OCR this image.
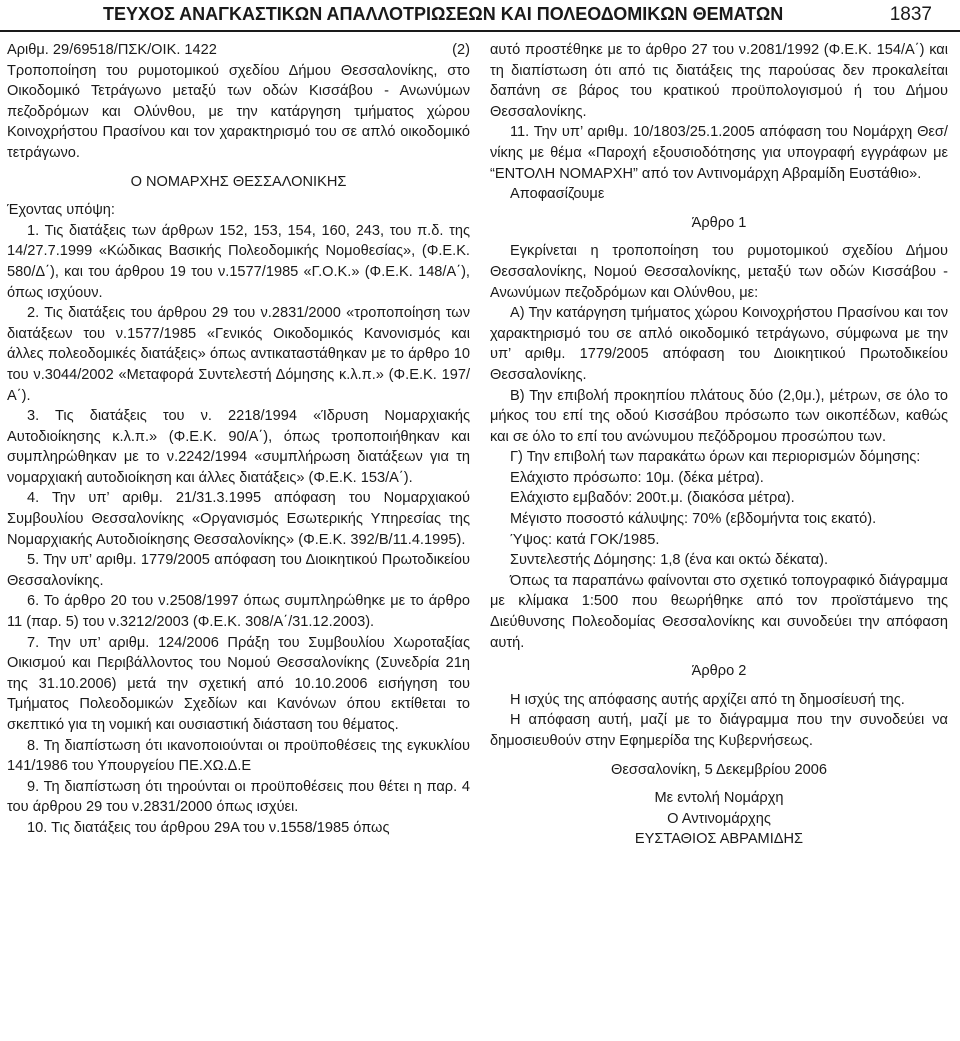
ΤΕΥΧΟΣ ΑΝΑΓΚΑΣΤΙΚΩΝ ΑΠΑΛΛΟΤΡΙΩΣΕΩΝ ΚΑΙ ΠΟΛΕΟΔΟΜΙΚΩΝ ΘΕΜΑΤΩΝ	1837
Αριθμ. 29/69518/ΠΣΚ/ΟΙΚ. 1422	(2)

Τροποποίηση του ρυμοτομικού σχεδίου Δήμου Θεσσαλονίκης, στο Οικοδομικό Τετράγωνο μεταξύ των οδών Κισσάβου - Ανωνύμων πεζοδρόμων και Ολύνθου, με την κατάργηση τμήματος χώρου Κοινοχρήστου Πρασίνου και τον χαρακτηρισμό του σε απλό οικοδομικό τετράγωνο.

Ο ΝΟΜΑΡΧΗΣ ΘΕΣΣΑΛΟΝΙΚΗΣ

Έχοντας υπόψη:

1. Τις διατάξεις των άρθρων 152, 153, 154, 160, 243, του π.δ. της 14/27.7.1999 «Κώδικας Βασικής Πολεοδομικής Νομοθεσίας», (Φ.Ε.Κ. 580/Δ΄), και του άρθρου 19 του ν.1577/1985 «Γ.Ο.Κ.» (Φ.Ε.Κ. 148/Α΄), όπως ισχύουν.

2. Τις διατάξεις του άρθρου 29 του ν.2831/2000 «τροποποίηση των διατάξεων του ν.1577/1985 «Γενικός Οικοδομικός Κανονισμός και άλλες πολεοδομικές διατάξεις» όπως αντικαταστάθηκαν με το άρθρο 10 του ν.3044/2002 «Μεταφορά Συντελεστή Δόμησης κ.λ.π.» (Φ.Ε.Κ. 197/Α΄).

3. Τις διατάξεις του ν. 2218/1994 «Ίδρυση Νομαρχιακής Αυτοδιοίκησης κ.λ.π.» (Φ.Ε.Κ. 90/Α΄), όπως τροποποιήθηκαν και συμπληρώθηκαν με το ν.2242/1994 «συμπλήρωση διατάξεων για τη νομαρχιακή αυτοδιοίκηση και άλλες διατάξεις» (Φ.Ε.Κ. 153/Α΄).

4. Την υπ’ αριθμ. 21/31.3.1995 απόφαση του Νομαρχιακού Συμβουλίου Θεσσαλονίκης «Οργανισμός Εσωτερικής Υπηρεσίας της Νομαρχιακής Αυτοδιοίκησης Θεσσαλονίκης» (Φ.Ε.Κ. 392/Β/11.4.1995).

5. Την υπ’ αριθμ. 1779/2005 απόφαση του Διοικητικού Πρωτοδικείου Θεσσαλονίκης.

6. Το άρθρο 20 του ν.2508/1997 όπως συμπληρώθηκε με το άρθρο 11 (παρ. 5) του ν.3212/2003 (Φ.Ε.Κ. 308/Α΄/31.12.2003).

7. Την υπ’ αριθμ. 124/2006 Πράξη του Συμβουλίου Χωροταξίας Οικισμού και Περιβάλλοντος του Νομού Θεσσαλονίκης (Συνεδρία 21η της 31.10.2006) μετά την σχετική από 10.10.2006 εισήγηση του Τμήματος Πολεοδομικών Σχεδίων και Κανόνων όπου εκτίθεται το σκεπτικό για τη νομική και ουσιαστική διάσταση του θέματος.

8. Τη διαπίστωση ότι ικανοποιούνται οι προϋποθέσεις της εγκυκλίου 141/1986 του Υπουργείου ΠΕ.ΧΩ.Δ.Ε

9. Τη διαπίστωση ότι τηρούνται οι προϋποθέσεις που θέτει η παρ. 4 του άρθρου 29 του ν.2831/2000 όπως ισχύει.

10. Τις διατάξεις του άρθρου 29Α του ν.1558/1985 όπως

αυτό προστέθηκε με το άρθρο 27 του ν.2081/1992 (Φ.Ε.Κ. 154/Α΄) και τη διαπίστωση ότι από τις διατάξεις της παρούσας δεν προκαλείται δαπάνη σε βάρος του κρατικού προϋπολογισμού ή του Δήμου Θεσσαλονίκης.

11. Την υπ’ αριθμ. 10/1803/25.1.2005 απόφαση του Νομάρχη Θεσ/νίκης με θέμα «Παροχή εξουσιοδότησης για υπογραφή εγγράφων με “ΕΝΤΟΛΗ ΝΟΜΑΡΧΗ” από τον Αντινομάρχη Αβραμίδη Ευστάθιο».

Αποφασίζουμε

Άρθρο 1

Εγκρίνεται η τροποποίηση του ρυμοτομικού σχεδίου Δήμου Θεσσαλονίκης, Νομού Θεσσαλονίκης, μεταξύ των οδών Κισσάβου - Ανωνύμων πεζοδρόμων και Ολύνθου, με:

Α) Την κατάργηση τμήματος χώρου Κοινοχρήστου Πρασίνου και τον χαρακτηρισμό του σε απλό οικοδομικό τετράγωνο, σύμφωνα με την υπ’ αριθμ. 1779/2005 απόφαση του Διοικητικού Πρωτοδικείου Θεσσαλονίκης.

Β) Την επιβολή προκηπίου πλάτους δύο (2,0μ.), μέτρων, σε όλο το μήκος του επί της οδού Κισσάβου πρόσωπο των οικοπέδων, καθώς και σε όλο το επί του ανώνυμου πεζόδρομου προσώπου των.

Γ) Την επιβολή των παρακάτω όρων και περιορισμών δόμησης:

Ελάχιστο πρόσωπο: 10μ. (δέκα μέτρα).

Ελάχιστο εμβαδόν: 200τ.μ. (διακόσα μέτρα).

Μέγιστο ποσοστό κάλυψης: 70% (εβδομήντα τοις εκατό).

Ύψος: κατά ΓΟΚ/1985.

Συντελεστής Δόμησης: 1,8 (ένα και οκτώ δέκατα).

Όπως τα παραπάνω φαίνονται στο σχετικό τοπογραφικό διάγραμμα με κλίμακα 1:500 που θεωρήθηκε από τον προϊστάμενο της Διεύθυνσης Πολεοδομίας Θεσσαλονίκης και συνοδεύει την απόφαση αυτή.

Άρθρο 2

Η ισχύς της απόφασης αυτής αρχίζει από τη δημοσίευσή της.

Η απόφαση αυτή, μαζί με το διάγραμμα που την συνοδεύει να δημοσιευθούν στην Εφημερίδα της Κυβερνήσεως.

Θεσσαλονίκη, 5 Δεκεμβρίου 2006

Με εντολή Νομάρχη

Ο Αντινομάρχης

ΕΥΣΤΑΘΙΟΣ ΑΒΡΑΜΙΔΗΣ
